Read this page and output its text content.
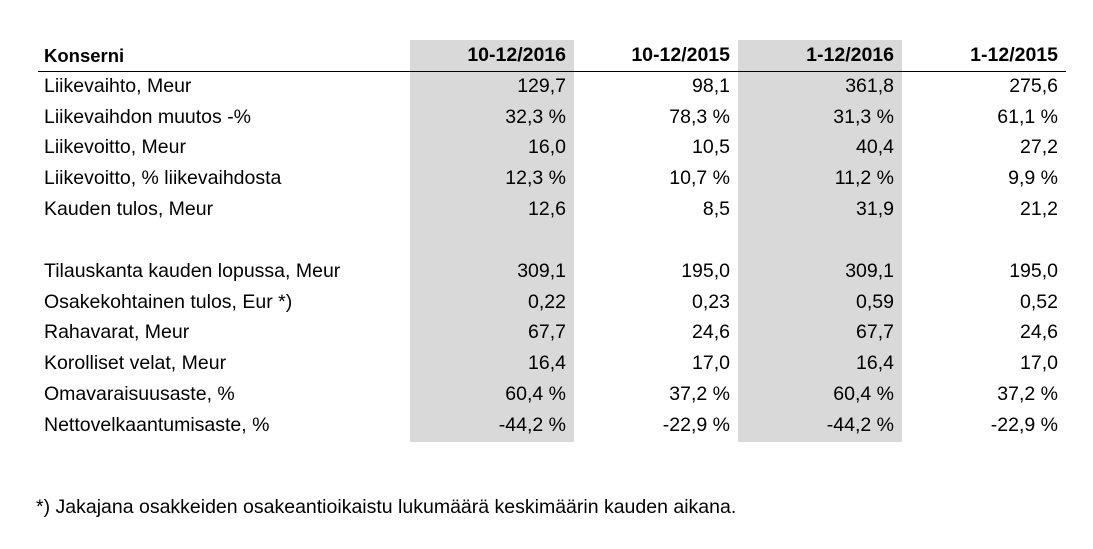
Konserni	10-12/2016	10-12/2015	1-12/2016	1-12/2015
Liikevaihto, Meur	129,7	98,1	361,8	275,6
Liikevaihdon muutos -%	32,3 %	78,3 %	31,3 %	61,1 %
Liikevoitto, Meur	16,0	10,5	40,4	27,2
Liikevoitto, % liikevaihdosta	12,3 %	10,7 %	11,2 %	9,9 %
Kauden tulos, Meur	12,6	8,5	31,9	21,2

Tilauskanta kauden lopussa, Meur	309,1	195,0	309,1	195,0
Osakekohtainen tulos, Eur *)	0,22	0,23	0,59	0,52
Rahavarat, Meur	67,7	24,6	67,7	24,6
Korolliset velat, Meur	16,4	17,0	16,4	17,0
Omavaraisuusaste, %	60,4 %	37,2 %	60,4 %	37,2 %
Nettovelkaantumisaste, %	-44,2 %	-22,9 %	-44,2 %	-22,9 %
*) Jakajana osakkeiden osakeantioikaistu lukumäärä keskimäärin kauden aikana.
